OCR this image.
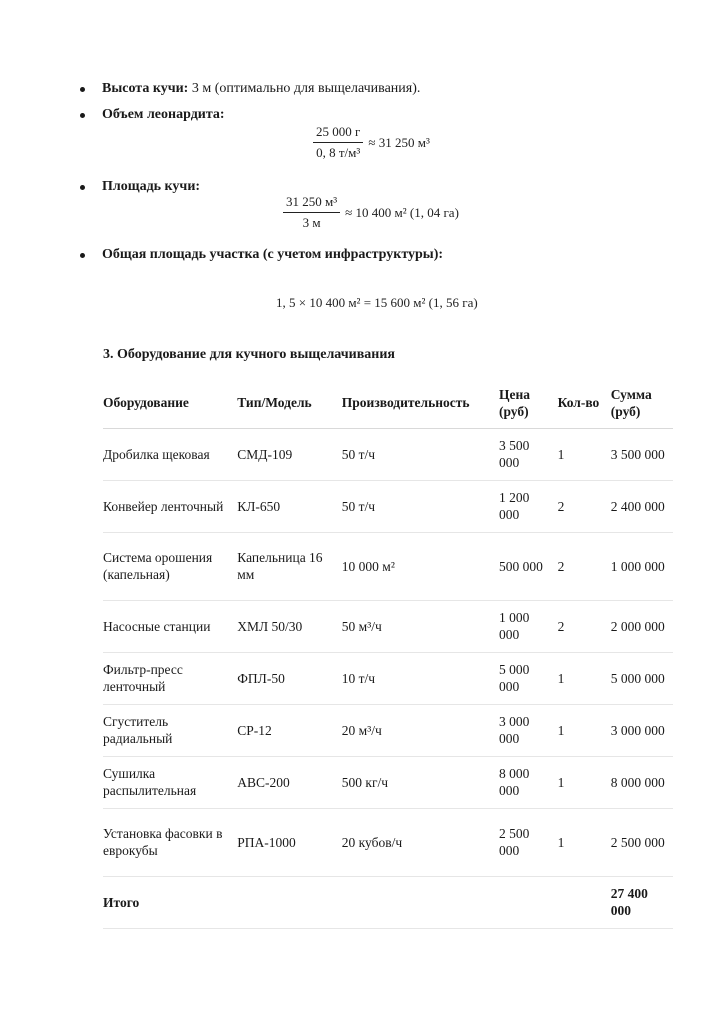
Высота кучи: 3 м (оптимально для выщелачивания).
Объем леонардита:
$\frac{25 000 г}{\text{0, 8 т/м³}} \approx 31$ 250 м³
Площадь кучи:
$\frac{\text{31 250 м³}}{3 м} \approx 10$ 400 м² (1, 04 га)
Общая площадь участка (с учетом инфраструктуры):
1, 5 × 10 400 м² = 15 600 м² (1, 56 га)
3. Оборудование для кучного выщелачивания
Оборудование	Тип/Модель	Производительность	Цена (руб)	Кол-во	Сумма (руб)
Дробилка щековая	СМД-109	50 т/ч	3 500 000	1	3 500 000
Конвейер ленточный	КЛ-650	50 т/ч	1 200 000	2	2 400 000
Система орошения (капельная)	Капельница 16 мм	10 000 м²	500 000	2	1 000 000
Насосные станции	ХМЛ 50/30	50 м³/ч	1 000 000	2	2 000 000
Фильтр-пресс ленточный	ФПЛ-50	10 т/ч	5 000 000	1	5 000 000
Сгуститель радиальный	СР-12	20 м³/ч	3 000 000	1	3 000 000
Сушилка распылительная	АВС-200	500 кг/ч	8 000 000	1	8 000 000
Установка фасовки в еврокубы	РПА-1000	20 кубов/ч	2 500 000	1	2 500 000
Итого					27 400 000
